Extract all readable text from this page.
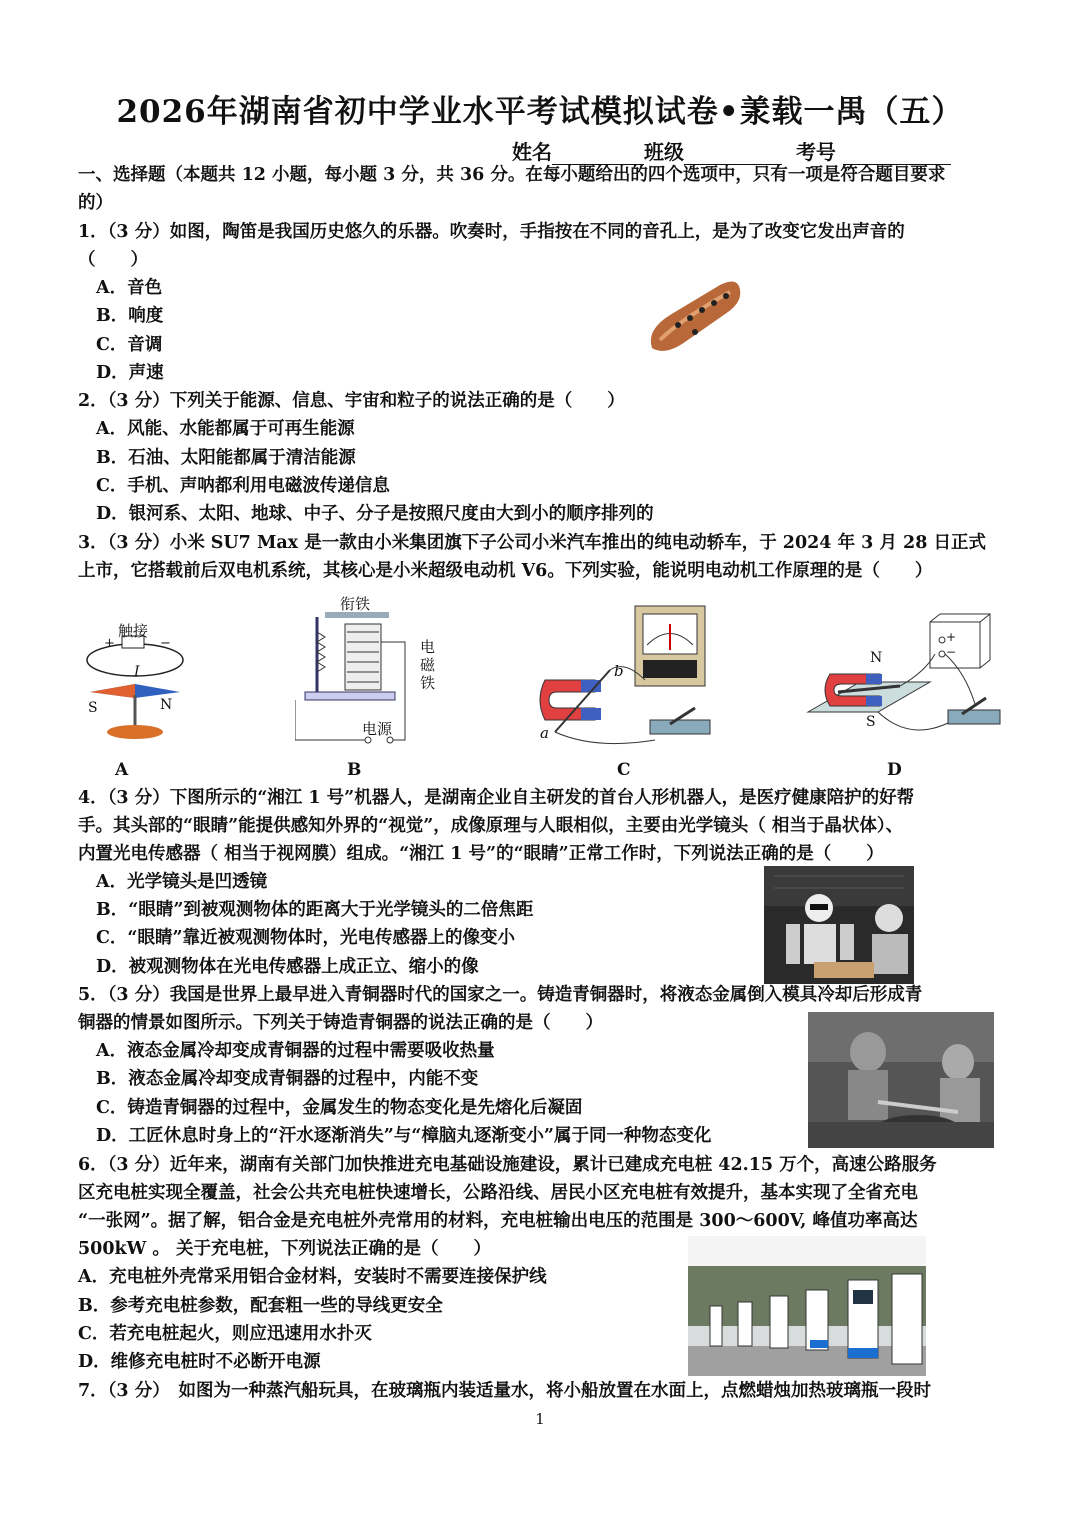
2026年湖南省初中学业水平考试模拟试卷•羕载一禺（五）
姓名	班级	考号
一、选择题（本题共 12 小题，每小题 3 分，共 36 分。在每小题给出的四个选项中，只有一项是符合题目要求
的）
1．（3 分）如图，陶笛是我国历史悠久的乐器。吹奏时，手指按在不同的音孔上，是为了改变它发出声音的
（　　）
A．音色
B．响度
C．音调
D．声速
2．（3 分）下列关于能源、信息、宇宙和粒子的说法正确的是（　　）
A．风能、水能都属于可再生能源
B．石油、太阳能都属于清洁能源
C．手机、声呐都利用电磁波传递信息
D．银河系、太阳、地球、中子、分子是按照尺度由大到小的顺序排列的
3．（3 分）小米 SU7 Max 是一款由小米集团旗下子公司小米汽车推出的纯电动轿车，于 2024 年 3 月 28 日正式
上市，它搭载前后双电机系统，其核心是小米超级电动机 V6。下列实验，能说明电动机工作原理的是（　　）
触接
+	−
I
S	N
衔铁
电
磁
铁
电源
b
a
N
S
+
−
A	B	C	D
4．（3 分）下图所示的“湘江 1 号”机器人，是湖南企业自主研发的首台人形机器人，是医疗健康陪护的好帮
手。其头部的“眼睛”能提供感知外界的“视觉”，成像原理与人眼相似，主要由光学镜头（ 相当于晶状体）、
内置光电传感器（ 相当于视网膜）组成。“湘江 1 号”的“眼睛”正常工作时，下列说法正确的是（　　）
A．光学镜头是凹透镜
B．“眼睛”到被观测物体的距离大于光学镜头的二倍焦距
C．“眼睛”靠近被观测物体时，光电传感器上的像变小
D．被观测物体在光电传感器上成正立、缩小的像
5．（3 分）我国是世界上最早进入青铜器时代的国家之一。铸造青铜器时，将液态金属倒入模具冷却后形成青
铜器的情景如图所示。下列关于铸造青铜器的说法正确的是（　　）
A．液态金属冷却变成青铜器的过程中需要吸收热量
B．液态金属冷却变成青铜器的过程中，内能不变
C．铸造青铜器的过程中，金属发生的物态变化是先熔化后凝固
D．工匠休息时身上的“汗水逐渐消失”与“樟脑丸逐渐变小”属于同一种物态变化
6．（3 分）近年来，湖南有关部门加快推进充电基础设施建设，累计已建成充电桩 42.15 万个，高速公路服务
区充电桩实现全覆盖，社会公共充电桩快速增长，公路沿线、居民小区充电桩有效提升，基本实现了全省充电
“一张网”。据了解，铝合金是充电桩外壳常用的材料，充电桩输出电压的范围是 300～600V, 峰值功率高达
500kW 。 关于充电桩，下列说法正确的是（　　）
A．充电桩外壳常采用铝合金材料，安装时不需要连接保护线
B．参考充电桩参数，配套粗一些的导线更安全
C．若充电桩起火，则应迅速用水扑灭
D．维修充电桩时不必断开电源
7．（3 分）　如图为一种蒸汽船玩具，在玻璃瓶内装适量水，将小船放置在水面上，点燃蜡烛加热玻璃瓶一段时
1
